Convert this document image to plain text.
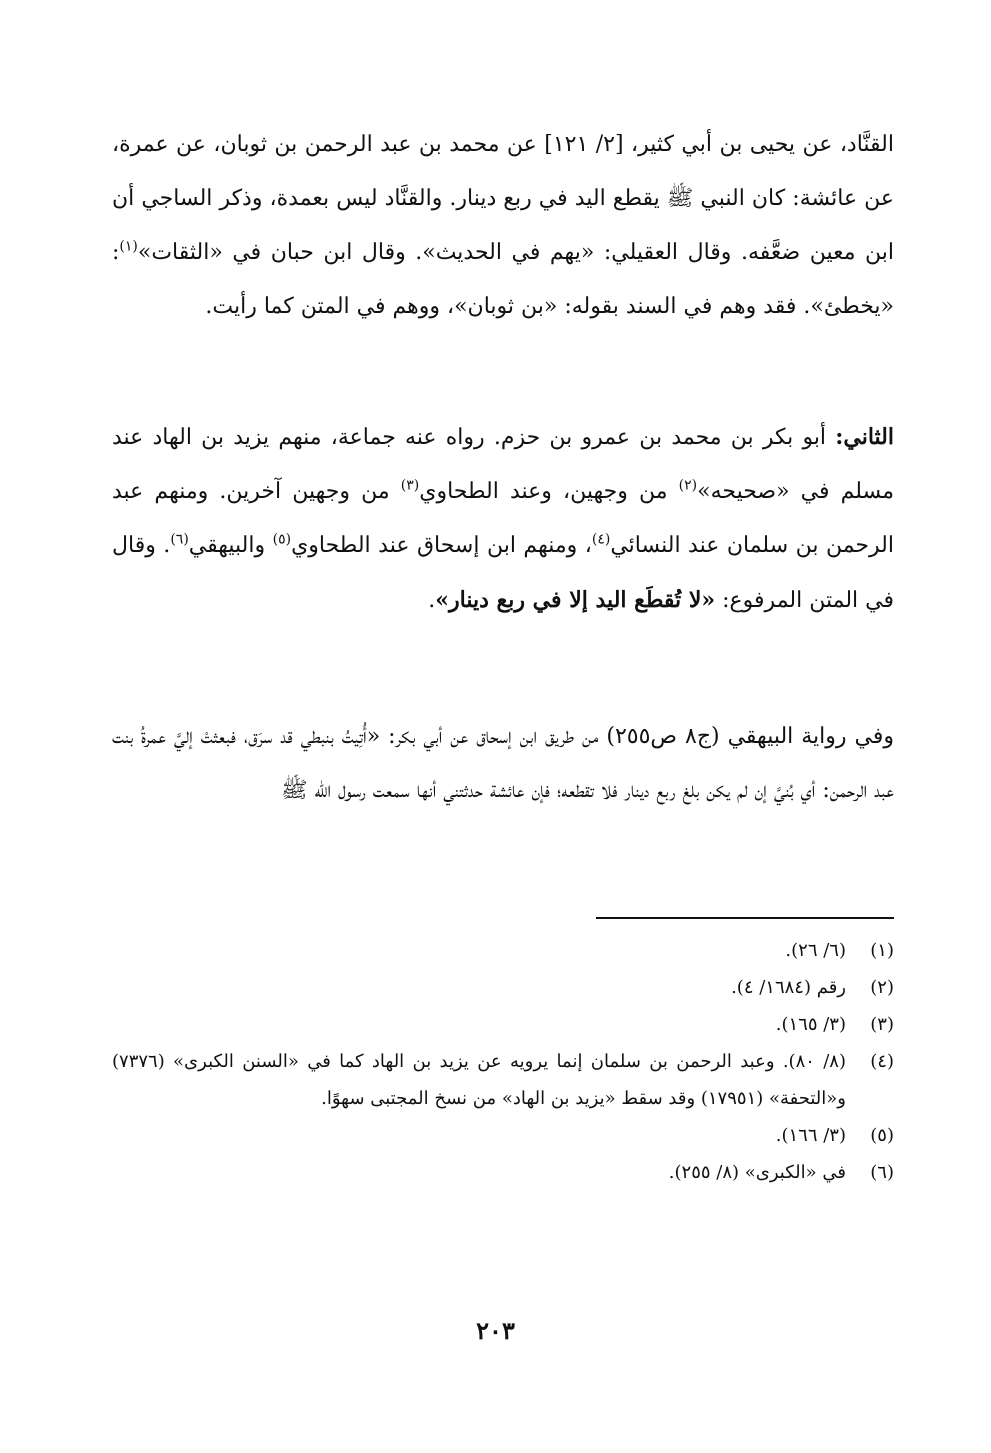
القنَّاد، عن يحيى بن أبي كثير، [٢/ ١٢١] عن محمد بن عبد الرحمن بن ثوبان، عن عمرة، عن عائشة: كان النبي ﷺ يقطع اليد في ربع دينار. والقنَّاد ليس بعمدة، وذكر الساجي أن ابن معين ضعَّفه. وقال العقيلي: «يهم في الحديث». وقال ابن حبان في «الثقات»$^{(١)}$: «يخطئ». فقد وهم في السند بقوله: «بن ثوبان»، ووهم في المتن كما رأيت.

الثاني: أبو بكر بن محمد بن عمرو بن حزم. رواه عنه جماعة، منهم يزيد بن الهاد عند مسلم في «صحيحه»$^{(٢)}$ من وجهين، وعند الطحاوي$^{(٣)}$ من وجهين آخرين. ومنهم عبد الرحمن بن سلمان عند النسائي$^{(٤)}$، ومنهم ابن إسحاق عند الطحاوي$^{(٥)}$ والبيهقي$^{(٦)}$. وقال في المتن المرفوع: «لا تُقطَع اليد إلا في ربع دينار».

وفي رواية البيهقي (ج٨ ص٢٥٥) من طريق ابن إسحاق عن أبي بكر: «أُتِيتُ بنبطي قد سرَق، فبعثتْ إليَّ عمرةُ بنت عبد الرحمن: أي بُنيَّ إن لم يكن بلغ ربع دينار فلا تقطعه؛ فإن عائشة حدثتني أنها سمعت رسول الله ﷺ

(١)
(٦/ ٢٦).
(٢)
رقم (١٦٨٤/ ٤).
(٣)
(٣/ ١٦٥).
(٤)
(٨/ ٨٠). وعبد الرحمن بن سلمان إنما يرويه عن يزيد بن الهاد كما في «السنن الكبرى» (٧٣٧٦) و«التحفة» (١٧٩٥١) وقد سقط «يزيد بن الهاد» من نسخ المجتبى سهوًا.
(٥)
(٣/ ١٦٦).
(٦)
في «الكبرى» (٨/ ٢٥٥).
٢٠٣
